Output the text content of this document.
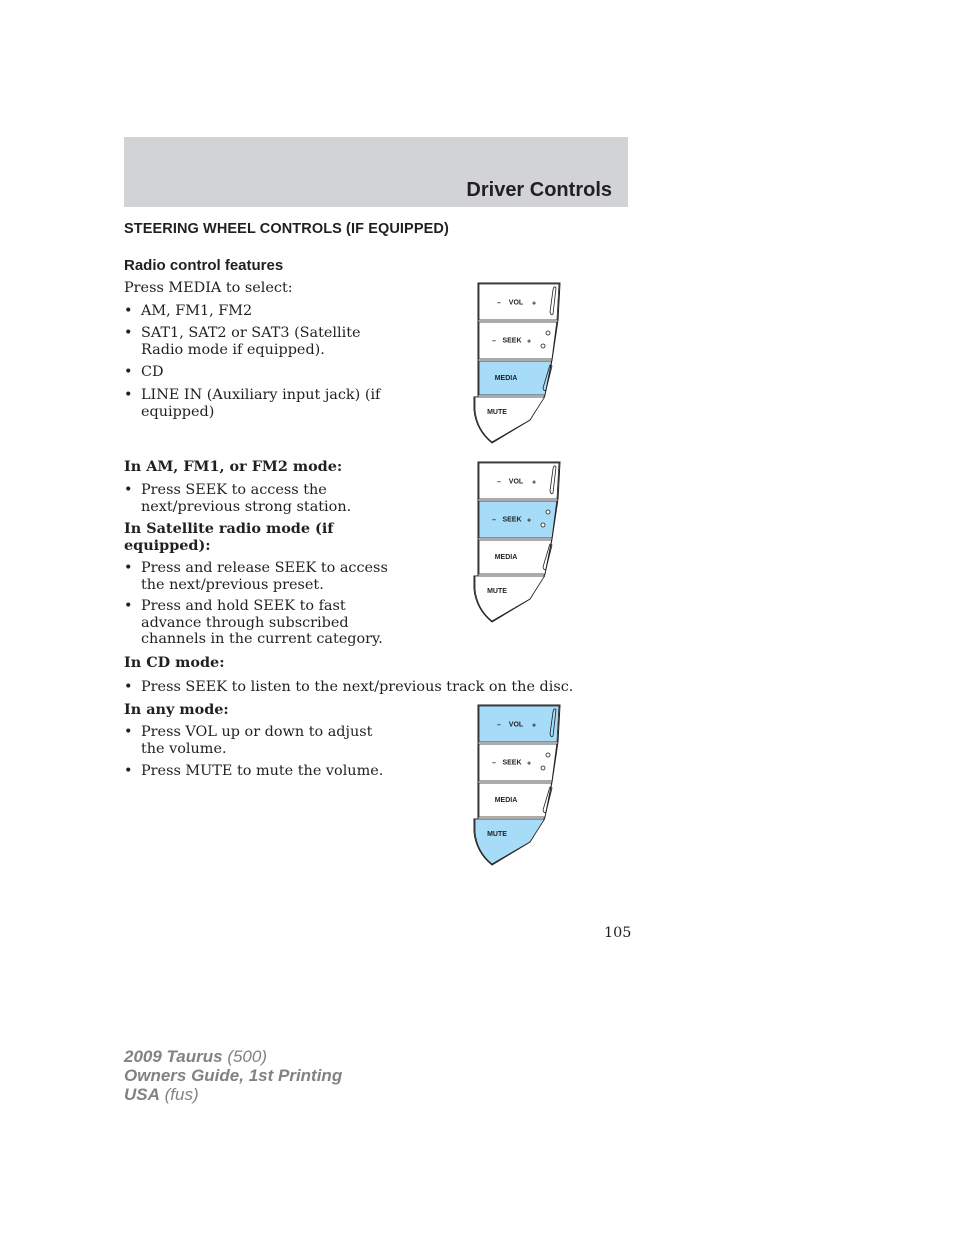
Driver Controls
STEERING WHEEL CONTROLS (IF EQUIPPED)
Radio control features
Press MEDIA to select:
• AM, FM1, FM2
• SAT1, SAT2 or SAT3 (Satellite
Radio mode if equipped).
• CD
• LINE IN (Auxiliary input jack) (if
equipped)
In AM, FM1, or FM2 mode:
• Press SEEK to access the
next/previous strong station.
In Satellite radio mode (if
equipped):
• Press and release SEEK to access
the next/previous preset.
• Press and hold SEEK to fast
advance through subscribed
channels in the current category.
In CD mode:
• Press SEEK to listen to the next/previous track on the disc.
In any mode:
• Press VOL up or down to adjust
the volume.
• Press MUTE to mute the volume.
– VOL +
– SEEK +
MEDIA
MUTE
– VOL +
– SEEK +
MEDIA
MUTE
– VOL +
– SEEK +
MEDIA
MUTE
105
2009 Taurus (500)
Owners Guide, 1st Printing
USA (fus)
